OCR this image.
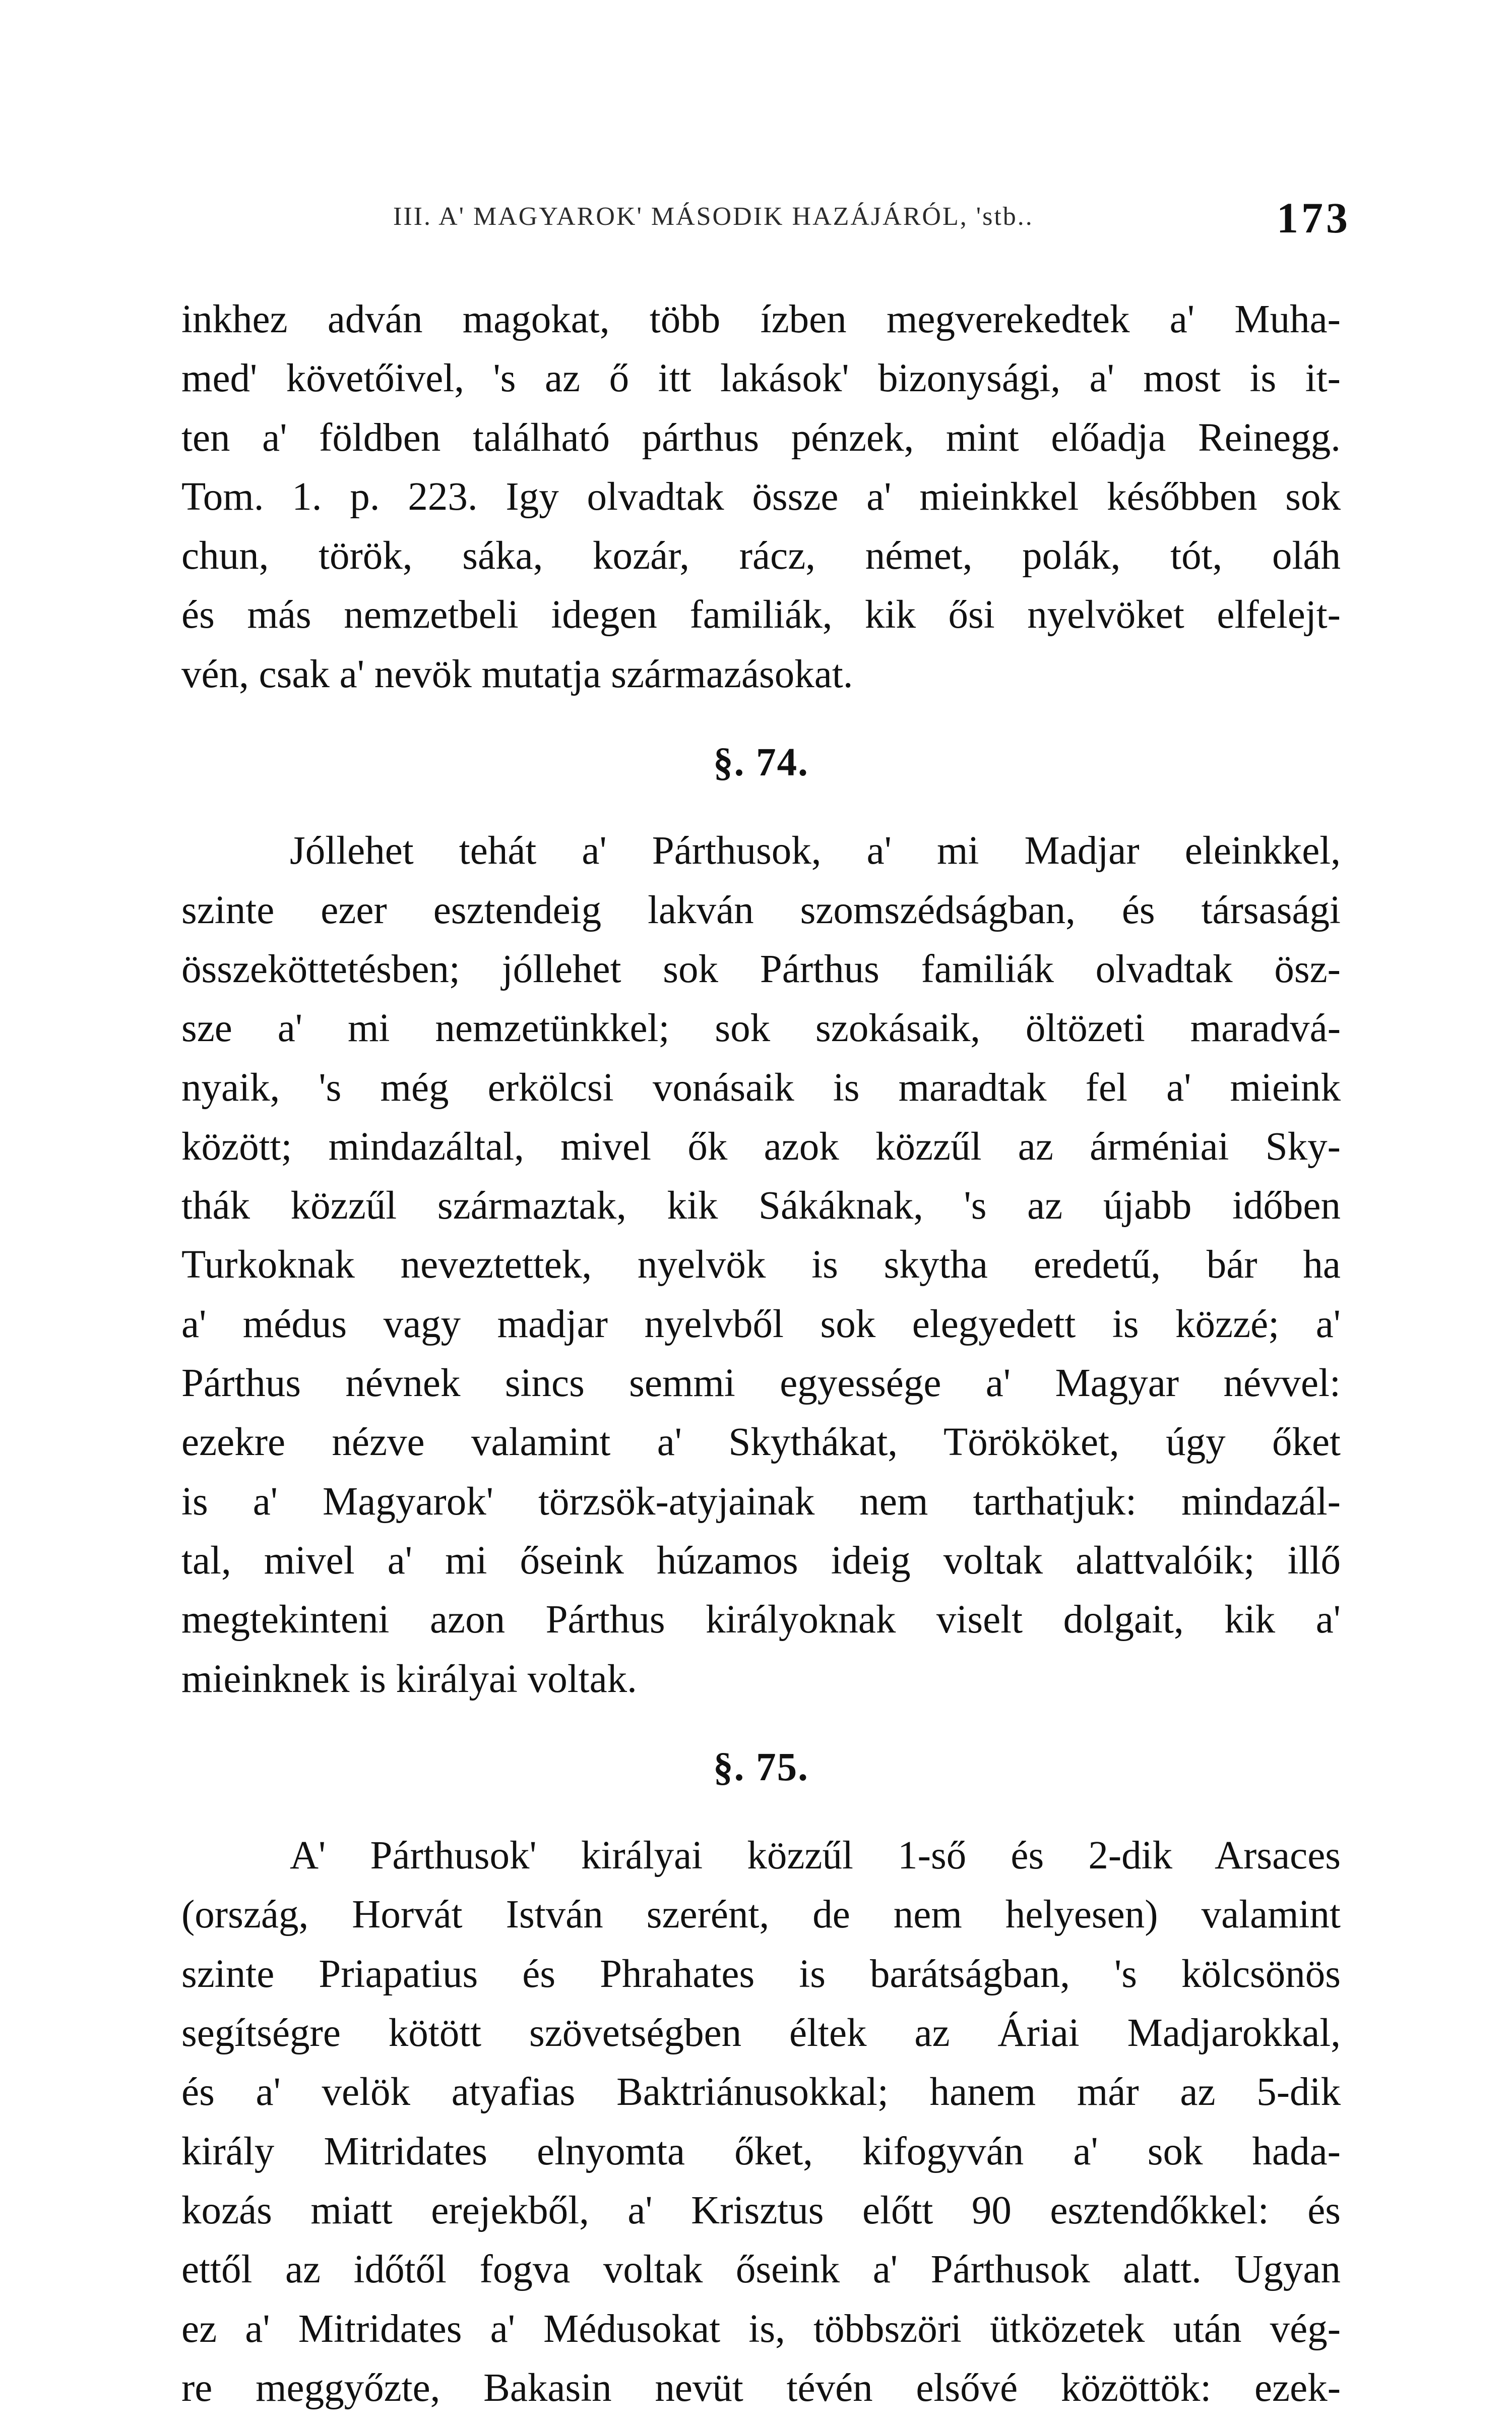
III. A' MAGYAROK' MÁSODIK HAZÁJÁRÓL, 'stb..	173

inkhez adván magokat, több ízben megverekedtek a' Muha-
med' követőivel, 's az ő itt lakások' bizonysági, a' most is it-
ten a' földben található párthus pénzek, mint előadja Reinegg.
Tom. 1. p. 223. Igy olvadtak össze a' mieinkkel későbben sok
chun, török, sáka, kozár, rácz, német, polák, tót, oláh
és más nemzetbeli idegen familiák, kik ősi nyelvöket elfelejt-
vén, csak a' nevök mutatja származásokat.

§. 74.

Jóllehet tehát a' Párthusok, a' mi Madjar eleinkkel,
szinte ezer esztendeig lakván szomszédságban, és társasági
összeköttetésben; jóllehet sok Párthus familiák olvadtak ösz-
sze a' mi nemzetünkkel; sok szokásaik, öltözeti maradvá-
nyaik, 's még erkölcsi vonásaik is maradtak fel a' mieink
között; mindazáltal, mivel ők azok közzűl az árméniai Sky-
thák közzűl származtak, kik Sákáknak, 's az újabb időben
Turkoknak neveztettek, nyelvök is skytha eredetű, bár ha
a' médus vagy madjar nyelvből sok elegyedett is közzé; a'
Párthus névnek sincs semmi egyessége a' Magyar névvel:
ezekre nézve valamint a' Skythákat, Törököket, úgy őket
is a' Magyarok' törzsök-atyjainak nem tarthatjuk: mindazál-
tal, mivel a' mi őseink húzamos ideig voltak alattvalóik; illő
megtekinteni azon Párthus királyoknak viselt dolgait, kik a'
mieinknek is királyai voltak.

§. 75.

A' Párthusok' királyai közzűl 1-ső és 2-dik Arsaces
(ország, Horvát István szerént, de nem helyesen) valamint
szinte Priapatius és Phrahates is barátságban, 's kölcsönös
segítségre kötött szövetségben éltek az Áriai Madjarokkal,
és a' velök atyafias Baktriánusokkal; hanem már az 5-dik
király Mitridates elnyomta őket, kifogyván a' sok hada-
kozás miatt erejekből, a' Krisztus előtt 90 esztendőkkel: és
ettől az időtől fogva voltak őseink a' Párthusok alatt. Ugyan
ez a' Mitridates a' Médusokat is, többszöri ütközetek után vég-
re meggyőzte, Bakasin nevüt tévén elsővé közöttök: ezek-
